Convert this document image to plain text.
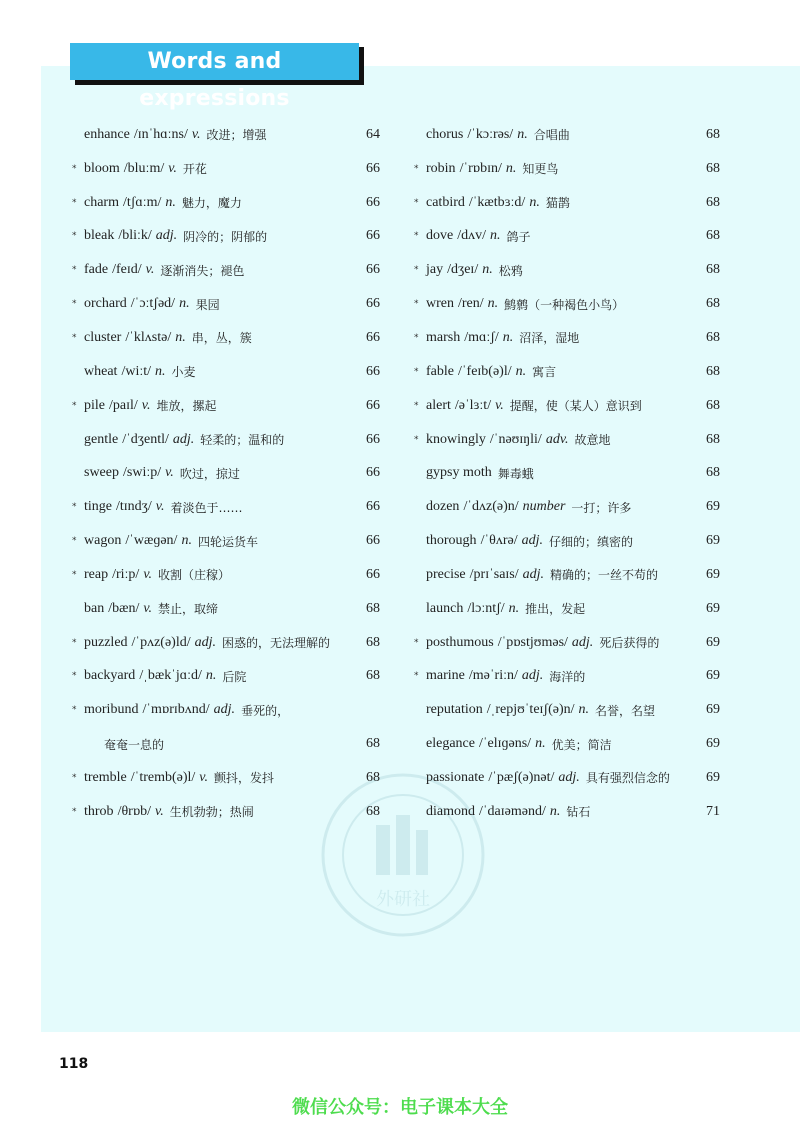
Words and expressions
外研社
enhance /ɪnˈhɑːns/ v. 改进；增强	64
* bloom /bluːm/ v. 开花	66
* charm /tʃɑːm/ n. 魅力，魔力	66
* bleak /bliːk/ adj. 阴冷的；阴郁的	66
* fade /feɪd/ v. 逐渐消失；褪色	66
* orchard /ˈɔːtʃəd/ n. 果园	66
* cluster /ˈklʌstə/ n. 串，丛，簇	66
wheat /wiːt/ n. 小麦	66
* pile /paɪl/ v. 堆放，摞起	66
gentle /ˈdʒentl/ adj. 轻柔的；温和的	66
sweep /swiːp/ v. 吹过，掠过	66
* tinge /tɪndʒ/ v. 着淡色于……	66
* wagon /ˈwæɡən/ n. 四轮运货车	66
* reap /riːp/ v. 收割（庄稼）	66
ban /bæn/ v. 禁止，取缔	68
* puzzled /ˈpʌz(ə)ld/ adj. 困惑的，无法理解的	68
* backyard /ˌbækˈjɑːd/ n. 后院	68
* moribund /ˈmɒrɪbʌnd/ adj. 垂死的，
奄奄一息的	68
* tremble /ˈtremb(ə)l/ v. 颤抖，发抖	68
* throb /θrɒb/ v. 生机勃勃；热闹	68
chorus /ˈkɔːrəs/ n. 合唱曲	68
* robin /ˈrɒbɪn/ n. 知更鸟	68
* catbird /ˈkætbɜːd/ n. 猫鹊	68
* dove /dʌv/ n. 鸽子	68
* jay /dʒeɪ/ n. 松鸦	68
* wren /ren/ n. 鹪鹩（一种褐色小鸟）	68
* marsh /mɑːʃ/ n. 沼泽，湿地	68
* fable /ˈfeɪb(ə)l/ n. 寓言	68
* alert /əˈlɜːt/ v. 提醒，使（某人）意识到	68
* knowingly /ˈnəʊɪŋli/ adv. 故意地	68
gypsy moth 舞毒蛾	68
dozen /ˈdʌz(ə)n/ number 一打；许多	69
thorough /ˈθʌrə/ adj. 仔细的；缜密的	69
precise /prɪˈsaɪs/ adj. 精确的；一丝不苟的	69
launch /lɔːntʃ/ n. 推出，发起	69
* posthumous /ˈpɒstjʊməs/ adj. 死后获得的	69
* marine /məˈriːn/ adj. 海洋的	69
reputation /ˌrepjʊˈteɪʃ(ə)n/ n. 名誉，名望	69
elegance /ˈelɪɡəns/ n. 优美；简洁	69
passionate /ˈpæʃ(ə)nət/ adj. 具有强烈信念的	69
diamond /ˈdaɪəmənd/ n. 钻石	71
118
微信公众号：电子课本大全
